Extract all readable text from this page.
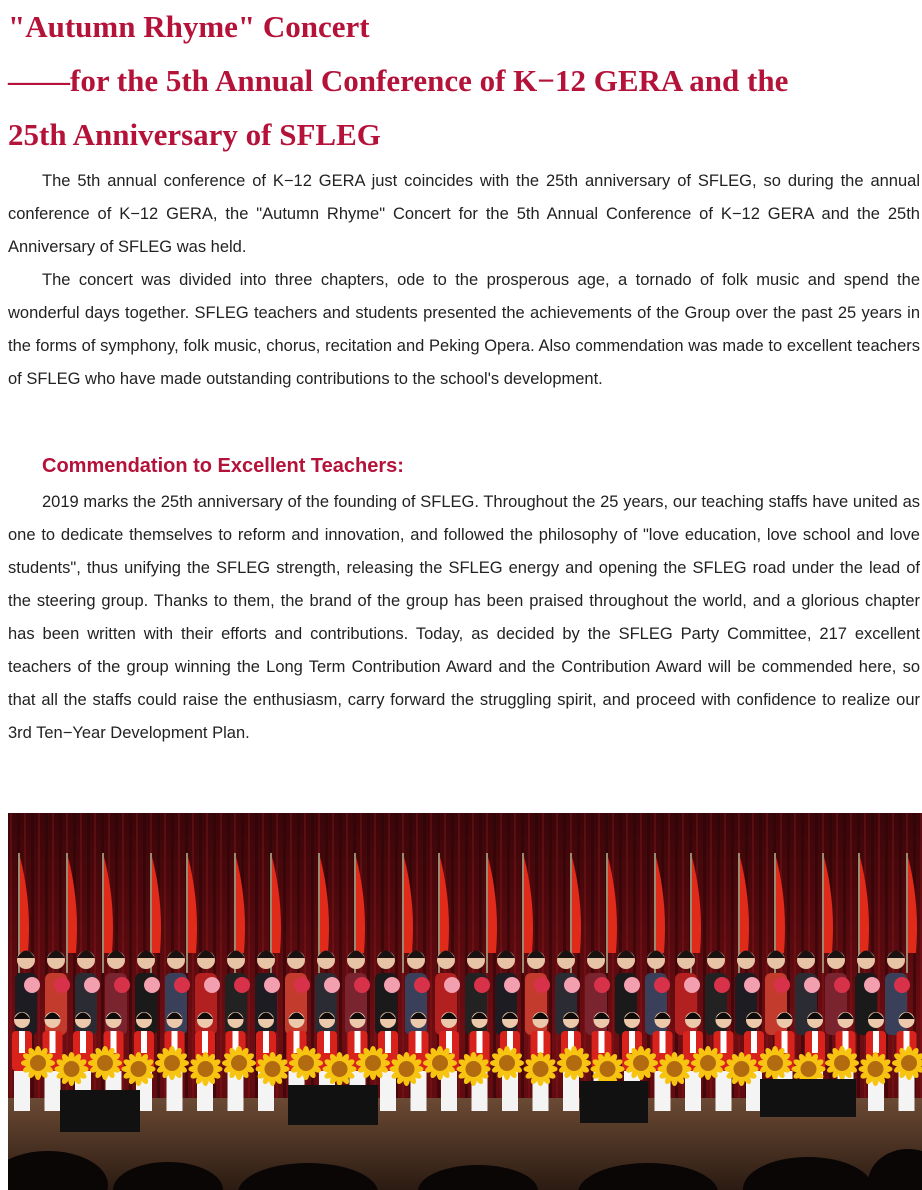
"Autumn Rhyme" Concert
——for the 5th Annual Conference of K−12 GERA and the
25th Anniversary of SFLEG

The 5th annual conference of K−12 GERA just coincides with the 25th anniversary of SFLEG, so during the annual conference of K−12 GERA, the "Autumn Rhyme" Concert for the 5th Annual Conference of K−12 GERA and the 25th Anniversary of SFLEG was held.

The concert was divided into three chapters, ode to the prosperous age, a tornado of folk music and spend the wonderful days together. SFLEG teachers and students presented the achievements of the Group over the past 25 years in the forms of symphony, folk music, chorus, recitation and Peking Opera. Also commendation was made to excellent teachers of SFLEG who have made outstanding contributions to the school's development.

Commendation to Excellent Teachers:

2019 marks the 25th anniversary of the founding of SFLEG. Throughout the 25 years, our teaching staffs have united as one to dedicate themselves to reform and innovation, and followed the philosophy of "love education, love school and love students", thus unifying the SFLEG strength, releasing the SFLEG energy and opening the SFLEG road under the lead of the steering group. Thanks to them, the brand of the group has been praised throughout the world, and a glorious chapter has been written with their efforts and contributions. Today, as decided by the SFLEG Party Committee, 217 excellent teachers of the group winning the Long Term Contribution Award and the Contribution Award will be commended here, so that all the staffs could raise the enthusiasm, carry forward the struggling spirit, and proceed with confidence to realize our 3rd Ten−Year Development Plan.
